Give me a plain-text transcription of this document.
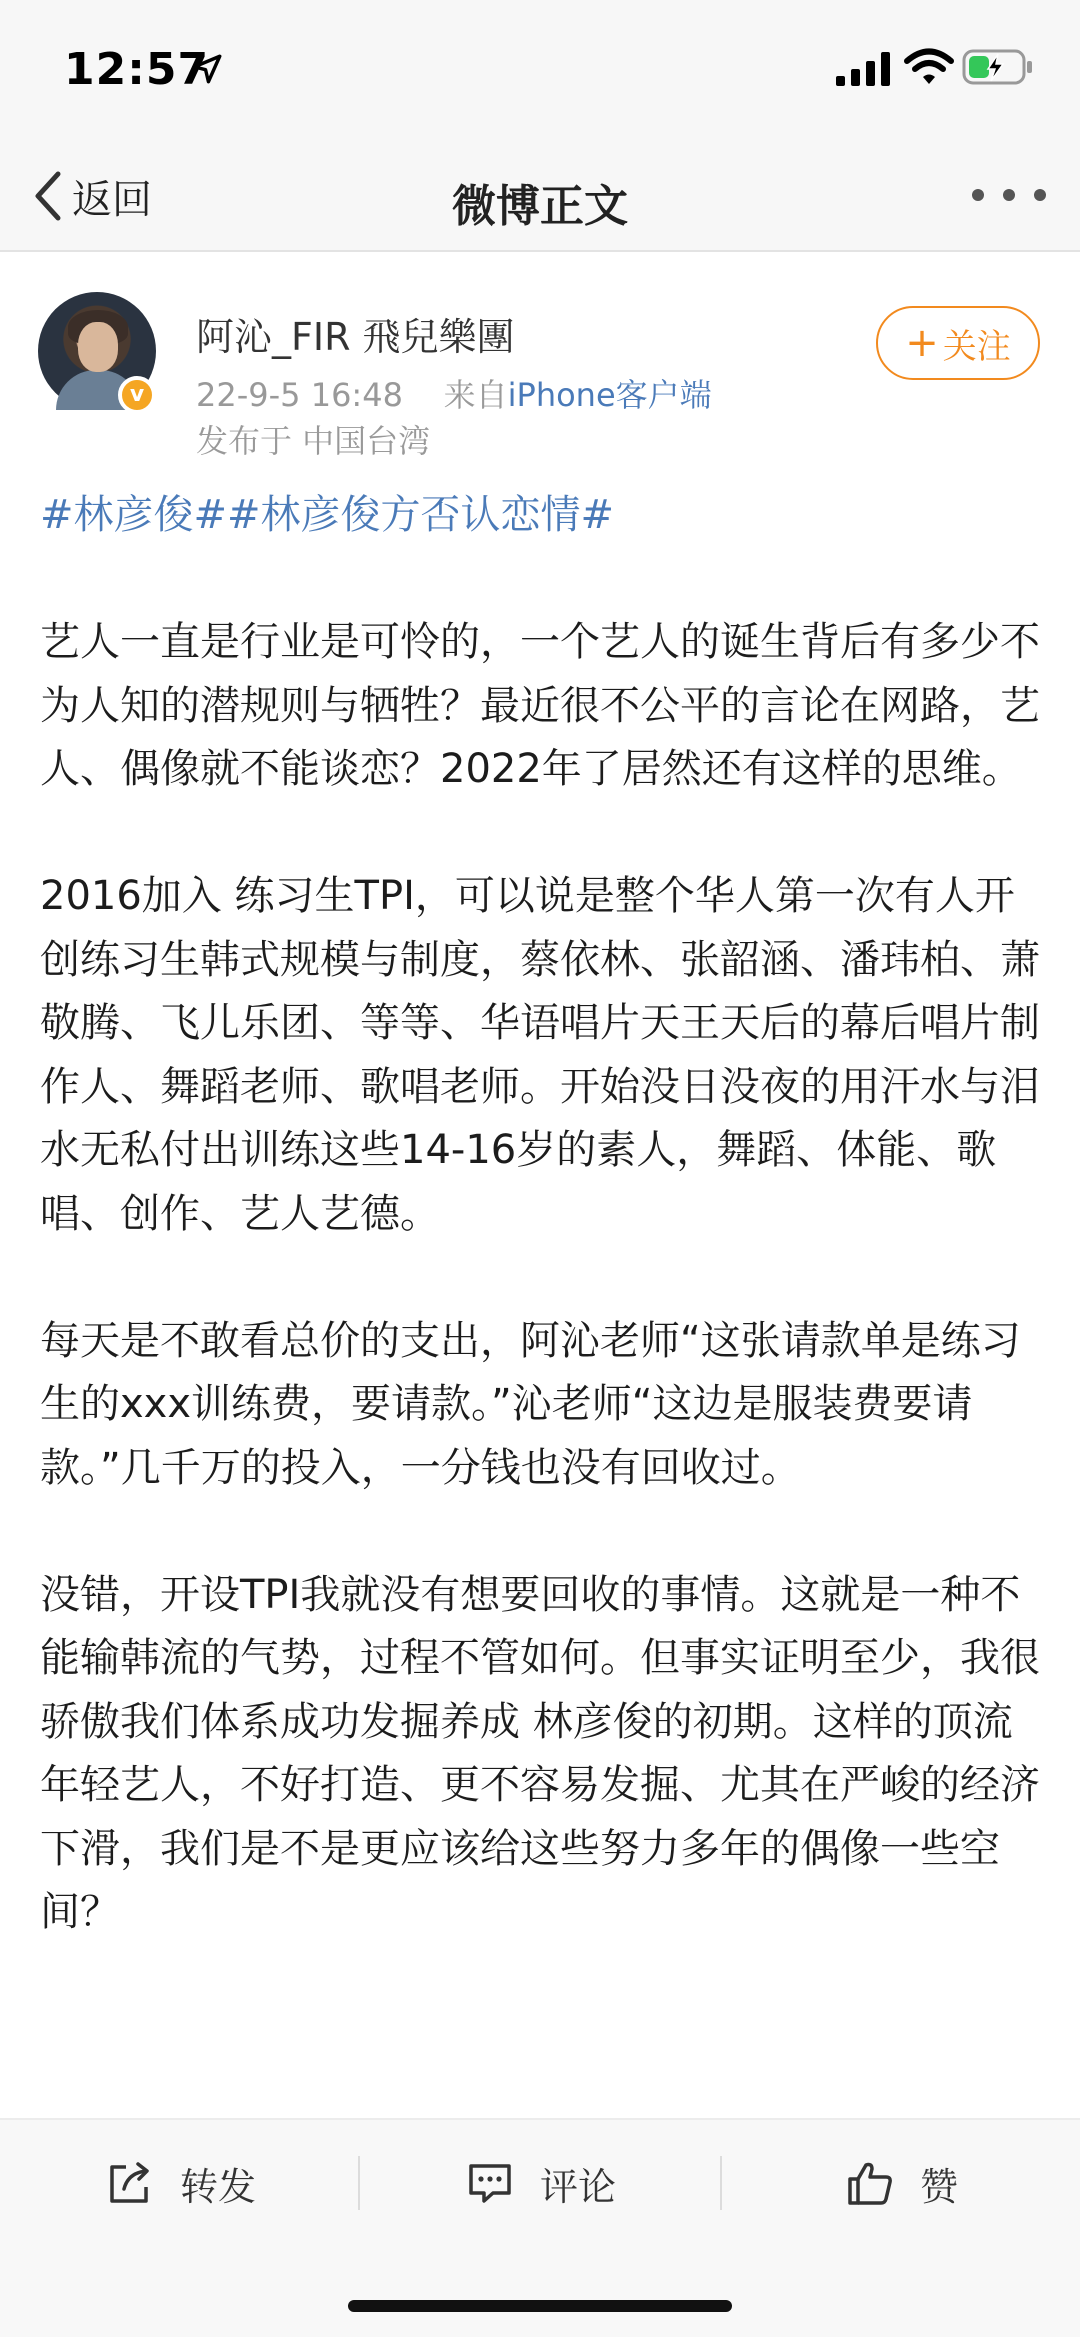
12:57
返回	微博正文
v
阿沁_FIR 飛兒樂團
22-9-5 16:48 来自iPhone客户端
发布于 中国台湾
+ 关注
#林彦俊##林彦俊方否认恋情#
艺人一直是行业是可怜的，一个艺人的诞生背后有多少不为人知的潜规则与牺牲？最近很不公平的言论在网路，艺人、偶像就不能谈恋？2022年了居然还有这样的思维。
2016加入 练习生TPI，可以说是整个华人第一次有人开创练习生韩式规模与制度，蔡依林、张韶涵、潘玮柏、萧敬腾、飞儿乐团、等等、华语唱片天王天后的幕后唱片制作人、舞蹈老师、歌唱老师。开始没日没夜的用汗水与泪水无私付出训练这些14-16岁的素人，舞蹈、体能、歌唱、创作、艺人艺德。
每天是不敢看总价的支出，阿沁老师“这张请款单是练习生的xxx训练费，要请款。”沁老师“这边是服装费要请款。”几千万的投入，一分钱也没有回收过。
没错，开设TPI我就没有想要回收的事情。这就是一种不能输韩流的气势，过程不管如何。但事实证明至少，我很骄傲我们体系成功发掘养成 林彦俊的初期。这样的顶流年轻艺人，不好打造、更不容易发掘、尤其在严峻的经济下滑，我们是不是更应该给这些努力多年的偶像一些空间？
转发	评论	赞
